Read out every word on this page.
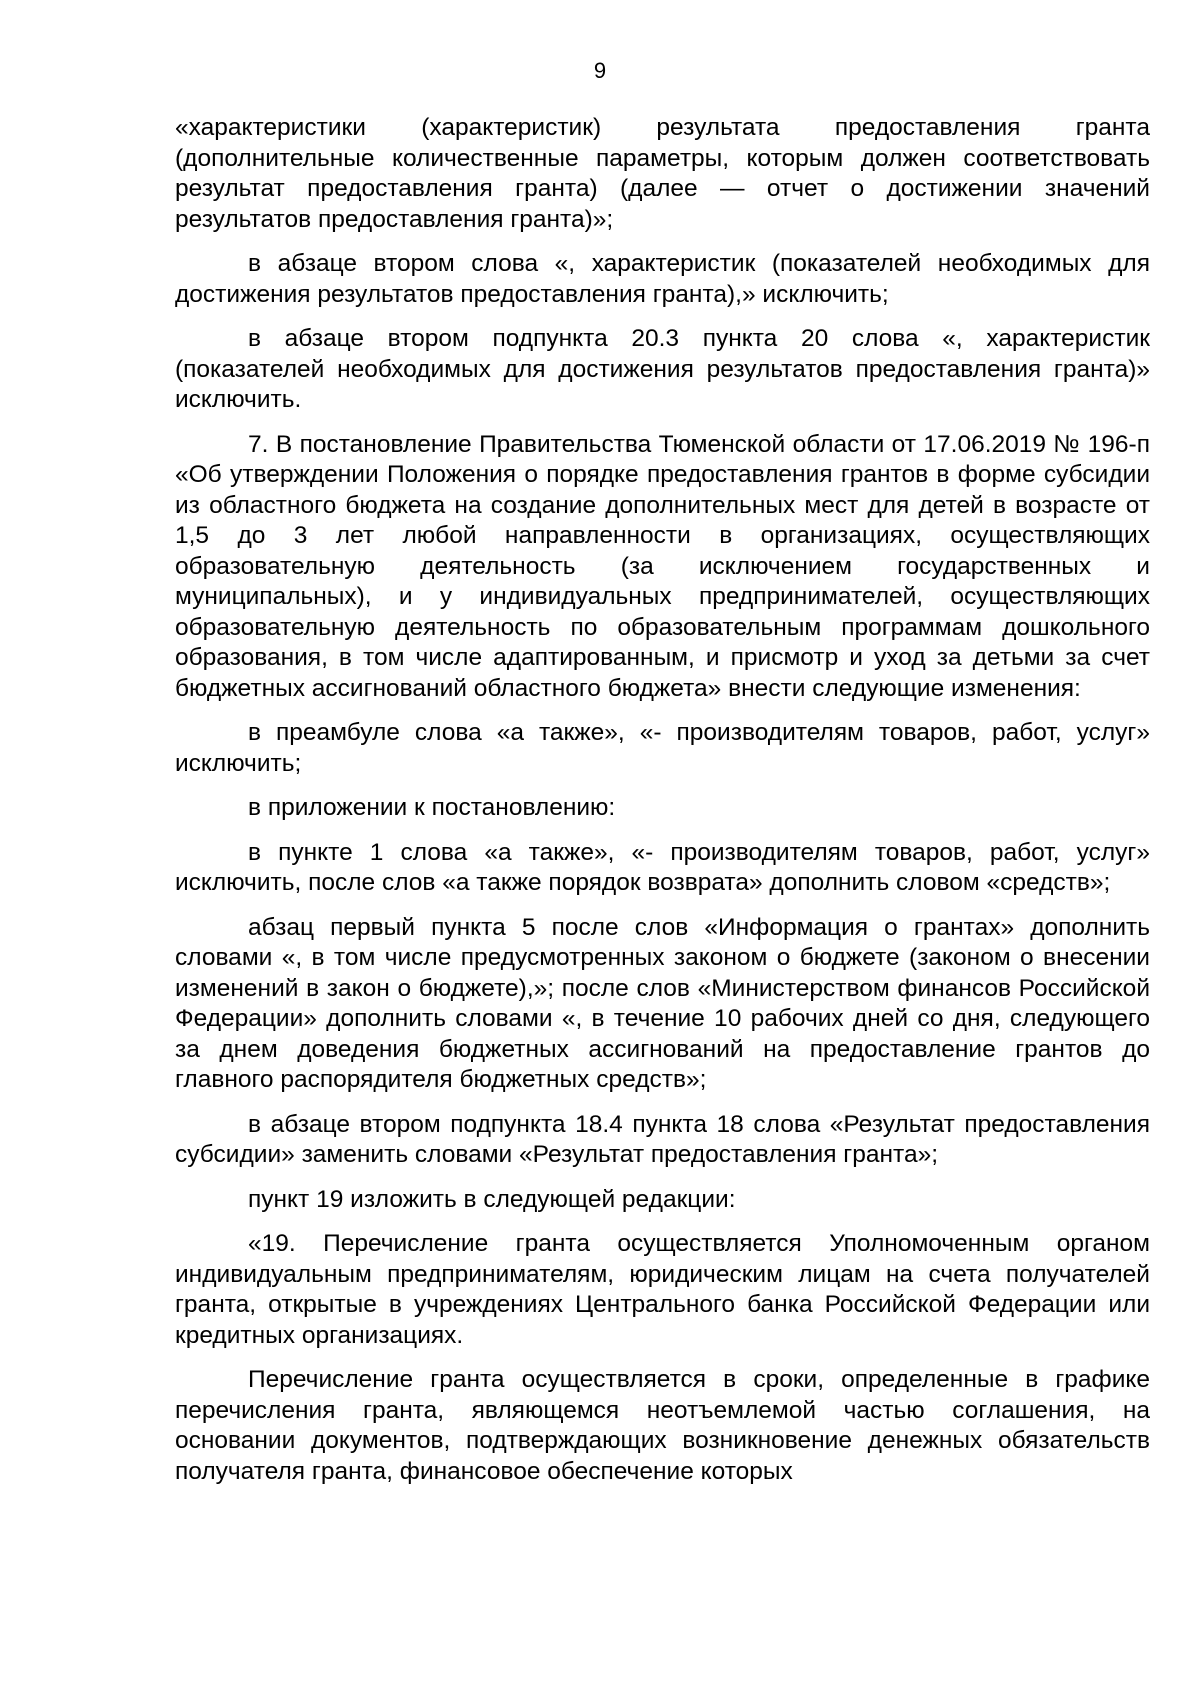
9

«характеристики (характеристик) результата предоставления гранта (дополнительные количественные параметры, которым должен соответствовать результат предоставления гранта) (далее — отчет о достижении значений результатов предоставления гранта)»;

в абзаце втором слова «, характеристик (показателей необходимых для достижения результатов предоставления гранта),» исключить;

в абзаце втором подпункта 20.3 пункта 20 слова «, характеристик (показателей необходимых для достижения результатов предоставления гранта)» исключить.

7. В постановление Правительства Тюменской области от 17.06.2019 № 196-п «Об утверждении Положения о порядке предоставления грантов в форме субсидии из областного бюджета на создание дополнительных мест для детей в возрасте от 1,5 до 3 лет любой направленности в организациях, осуществляющих образовательную деятельность (за исключением государственных и муниципальных), и у индивидуальных предпринимателей, осуществляющих образовательную деятельность по образовательным программам дошкольного образования, в том числе адаптированным, и присмотр и уход за детьми за счет бюджетных ассигнований областного бюджета» внести следующие изменения:

в преамбуле слова «а также», «- производителям товаров, работ, услуг» исключить;

в приложении к постановлению:

в пункте 1 слова «а также», «- производителям товаров, работ, услуг» исключить, после слов «а также порядок возврата» дополнить словом «средств»;

абзац первый пункта 5 после слов «Информация о грантах» дополнить словами «, в том числе предусмотренных законом о бюджете (законом о внесении изменений в закон о бюджете),»; после слов «Министерством финансов Российской Федерации» дополнить словами «, в течение 10 рабочих дней со дня, следующего за днем доведения бюджетных ассигнований на предоставление грантов до главного распорядителя бюджетных средств»;

в абзаце втором подпункта 18.4 пункта 18 слова «Результат предоставления субсидии» заменить словами «Результат предоставления гранта»;

пункт 19 изложить в следующей редакции:

«19. Перечисление гранта осуществляется Уполномоченным органом индивидуальным предпринимателям, юридическим лицам на счета получателей гранта, открытые в учреждениях Центрального банка Российской Федерации или кредитных организациях.

Перечисление гранта осуществляется в сроки, определенные в графике перечисления гранта, являющемся неотъемлемой частью соглашения, на основании документов, подтверждающих возникновение денежных обязательств получателя гранта, финансовое обеспечение которых
